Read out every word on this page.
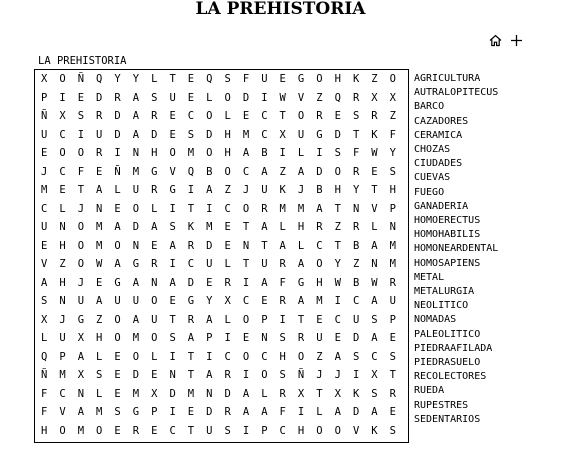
LA PREHISTORIA
LA PREHISTORIA
X	O	Ñ	Q	Y	Y	L	T	E	Q	S	F	U	E	G	O	H	K	Z	O
P	I	E	D	R	A	S	U	E	L	O	D	I	W	V	Z	Q	R	X	X
Ñ	X	S	R	D	A	R	E	C	O	L	E	C	T	O	R	E	S	R	Z
U	C	I	U	D	A	D	E	S	D	H	M	C	X	U	G	D	T	K	F
E	O	O	R	I	N	H	O	M	O	H	A	B	I	L	I	S	F	W	Y
J	C	F	E	Ñ	M	G	V	Q	B	O	C	A	Z	A	D	O	R	E	S
M	E	T	A	L	U	R	G	I	A	Z	J	U	K	J	B	H	Y	T	H
C	L	J	N	E	O	L	I	T	I	C	O	R	M	M	A	T	N	V	P
U	N	O	M	A	D	A	S	K	M	E	T	A	L	H	R	Z	R	L	N
E	H	O	M	O	N	E	A	R	D	E	N	T	A	L	C	T	B	A	M
V	Z	O	W	A	G	R	I	C	U	L	T	U	R	A	O	Y	Z	N	M
A	H	J	E	G	A	N	A	D	E	R	I	A	F	G	H	W	B	W	R
S	N	U	A	U	U	O	E	G	Y	X	C	E	R	A	M	I	C	A	U
X	J	G	Z	O	A	U	T	R	A	L	O	P	I	T	E	C	U	S	P
L	U	X	H	O	M	O	S	A	P	I	E	N	S	R	U	E	D	A	E
Q	P	A	L	E	O	L	I	T	I	C	O	C	H	O	Z	A	S	C	S
Ñ	M	X	S	E	D	E	N	T	A	R	I	O	S	Ñ	J	J	I	X	T
F	C	N	L	E	M	X	D	M	N	D	A	L	R	X	T	X	K	S	R
F	V	A	M	S	G	P	I	E	D	R	A	A	F	I	L	A	D	A	E
H	O	M	O	E	R	E	C	T	U	S	I	P	C	H	O	O	V	K	S
AGRICULTURA
AUTRALOPITECUS
BARCO
CAZADORES
CERAMICA
CHOZAS
CIUDADES
CUEVAS
FUEGO
GANADERIA
HOMOERECTUS
HOMOHABILIS
HOMONEARDENTAL
HOMOSAPIENS
METAL
METALURGIA
NEOLITICO
NOMADAS
PALEOLITICO
PIEDRAAFILADA
PIEDRASUELO
RECOLECTORES
RUEDA
RUPESTRES
SEDENTARIOS
